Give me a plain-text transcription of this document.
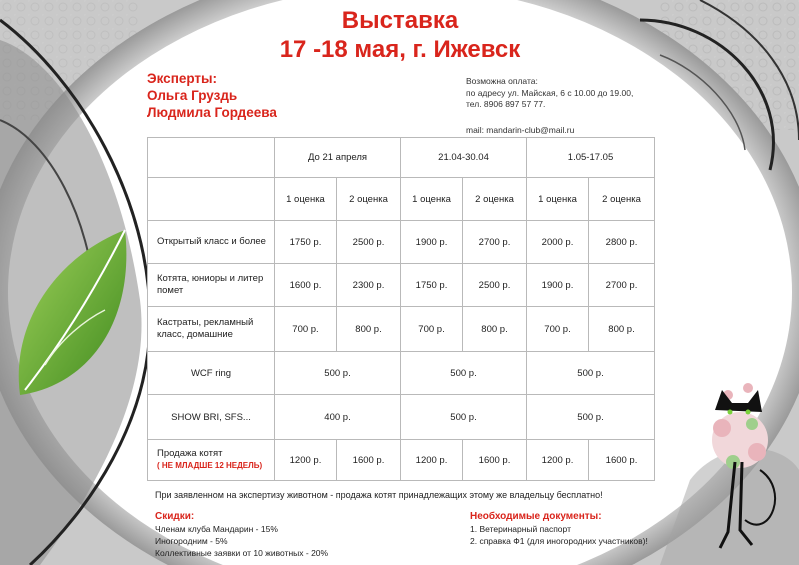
Выставка
17 -18 мая, г. Ижевск
Эксперты:
Ольга Груздь
Людмила Гордеева
Возможна оплата:
по адресу ул. Майская, 6 с 10.00 до 19.00,
тел. 8906 897 57 77.
mail: mandarin-club@mail.ru
	До 21 апреля		21.04-30.04		1.05-17.05	
	1 оценка	2 оценка	1 оценка	2 оценка	1 оценка	2 оценка
Открытый класс и более	1750 р.	2500 р.	1900 р.	2700 р.	2000 р.	2800 р.
Котята, юниоры и литер помет	1600 р.	2300 р.	1750 р.	2500 р.	1900 р.	2700 р.
Кастраты, рекламный класс, домашние	700 р.	800 р.	700 р.	800 р.	700 р.	800 р.
WCF ring	500 р.		500 р.		500 р.	
SHOW BRI, SFS...	400 р.		500 р.		500 р.	

Продажа котят
( НЕ МЛАДШЕ 12 НЕДЕЛЬ)	1200 р.	1600 р.	1200 р.	1600 р.	1200 р.	1600 р.
При заявленном на экспертизу животном - продажа котят принадлежащих этому же владельцу бесплатно!
Скидки:
Членам клуба Мандарин - 15%
Иногородним - 5%
Коллективные заявки от 10 животных - 20%
Необходимые документы:
1. Ветеринарный паспорт
2. справка Ф1 (для иногородних участников)!
